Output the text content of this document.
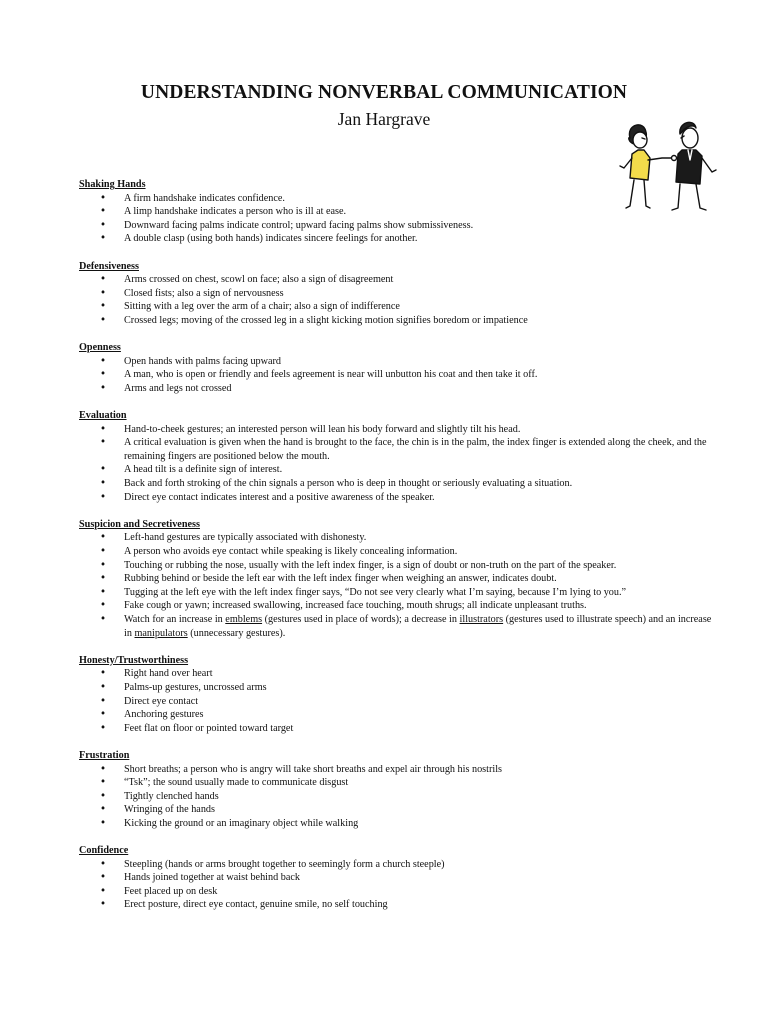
UNDERSTANDING NONVERBAL COMMUNICATION
Jan Hargrave
Shaking Hands
• A firm handshake indicates confidence.
• A limp handshake indicates a person who is ill at ease.
• Downward facing palms indicate control; upward facing palms show submissiveness.
• A double clasp (using both hands) indicates sincere feelings for another.
Defensiveness
• Arms crossed on chest, scowl on face; also a sign of disagreement
• Closed fists; also a sign of nervousness
• Sitting with a leg over the arm of a chair; also a sign of indifference
• Crossed legs; moving of the crossed leg in a slight kicking motion signifies boredom or impatience
Openness
• Open hands with palms facing upward
• A man, who is open or friendly and feels agreement is near will unbutton his coat and then take it off.
• Arms and legs not crossed
Evaluation
• Hand-to-cheek gestures; an interested person will lean his body forward and slightly tilt his head.
• A critical evaluation is given when the hand is brought to the face, the chin is in the palm, the index finger is extended along the cheek, and the remaining fingers are positioned below the mouth.
• A head tilt is a definite sign of interest.
• Back and forth stroking of the chin signals a person who is deep in thought or seriously evaluating a situation.
• Direct eye contact indicates interest and a positive awareness of the speaker.
Suspicion and Secretiveness
• Left-hand gestures are typically associated with dishonesty.
• A person who avoids eye contact while speaking is likely concealing information.
• Touching or rubbing the nose, usually with the left index finger, is a sign of doubt or non-truth on the part of the speaker.
• Rubbing behind or beside the left ear with the left index finger when weighing an answer, indicates doubt.
• Tugging at the left eye with the left index finger says, “Do not see very clearly what I’m saying, because I’m lying to you.”
• Fake cough or yawn; increased swallowing, increased face touching, mouth shrugs; all indicate unpleasant truths.
• Watch for an increase in emblems (gestures used in place of words); a decrease in illustrators (gestures used to illustrate speech) and an increase in manipulators (unnecessary gestures).
Honesty/Trustworthiness
• Right hand over heart
• Palms-up gestures, uncrossed arms
• Direct eye contact
• Anchoring gestures
• Feet flat on floor or pointed toward target
Frustration
• Short breaths; a person who is angry will take short breaths and expel air through his nostrils
• “Tsk”; the sound usually made to communicate disgust
• Tightly clenched hands
• Wringing of the hands
• Kicking the ground or an imaginary object while walking
Confidence
• Steepling (hands or arms brought together to seemingly form a church steeple)
• Hands joined together at waist behind back
• Feet placed up on desk
• Erect posture, direct eye contact, genuine smile, no self touching
